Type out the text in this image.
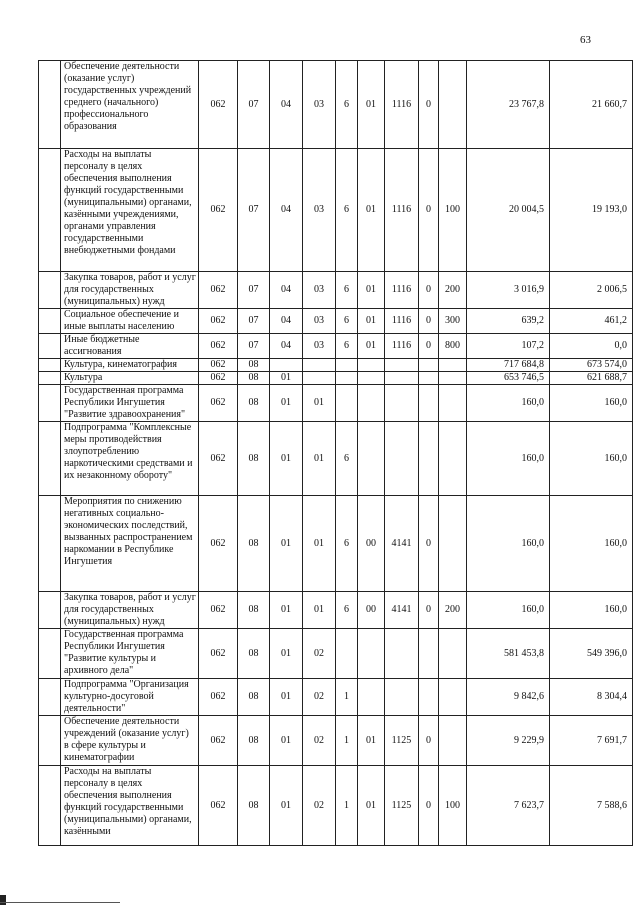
63
	Обеспечение деятельности (оказание услуг) государственных учреждений среднего (начального) профессионального образования	062	07	04	03	6	01	1116	0		23 767,8	21 660,7
	Расходы на выплаты персоналу в целях обеспечения выполнения функций государственными (муниципальными) органами, казёнными учреждениями, органами управления государственными внебюджетными фондами	062	07	04	03	6	01	1116	0	100	20 004,5	19 193,0
	Закупка товаров, работ и услуг для государственных (муниципальных) нужд	062	07	04	03	6	01	1116	0	200	3 016,9	2 006,5
	Социальное обеспечение и иные выплаты населению	062	07	04	03	6	01	1116	0	300	639,2	461,2
	Иные бюджетные ассигнования	062	07	04	03	6	01	1116	0	800	107,2	0,0
	Культура, кинематография	062	08								717 684,8	673 574,0
	Культура	062	08	01							653 746,5	621 688,7
	Государственная программа Республики Ингушетия "Развитие здравоохранения"	062	08	01	01						160,0	160,0
	Подпрограмма "Комплексные меры противодействия злоупотреблению наркотическими средствами и их незаконному обороту"	062	08	01	01	6					160,0	160,0
	Мероприятия по снижению негативных социально-экономических последствий, вызванных распространением наркомании в Республике Ингушетия	062	08	01	01	6	00	4141	0		160,0	160,0
	Закупка товаров, работ и услуг для государственных (муниципальных) нужд	062	08	01	01	6	00	4141	0	200	160,0	160,0
	Государственная программа Республики Ингушетия "Развитие культуры и архивного дела"	062	08	01	02						581 453,8	549 396,0
	Подпрограмма "Организация культурно-досуговой деятельности"	062	08	01	02	1					9 842,6	8 304,4
	Обеспечение деятельности учреждений (оказание услуг) в сфере культуры и кинематографии	062	08	01	02	1	01	1125	0		9 229,9	7 691,7
	Расходы на выплаты персоналу в целях обеспечения выполнения функций государственными (муниципальными) органами, казёнными	062	08	01	02	1	01	1125	0	100	7 623,7	7 588,6
